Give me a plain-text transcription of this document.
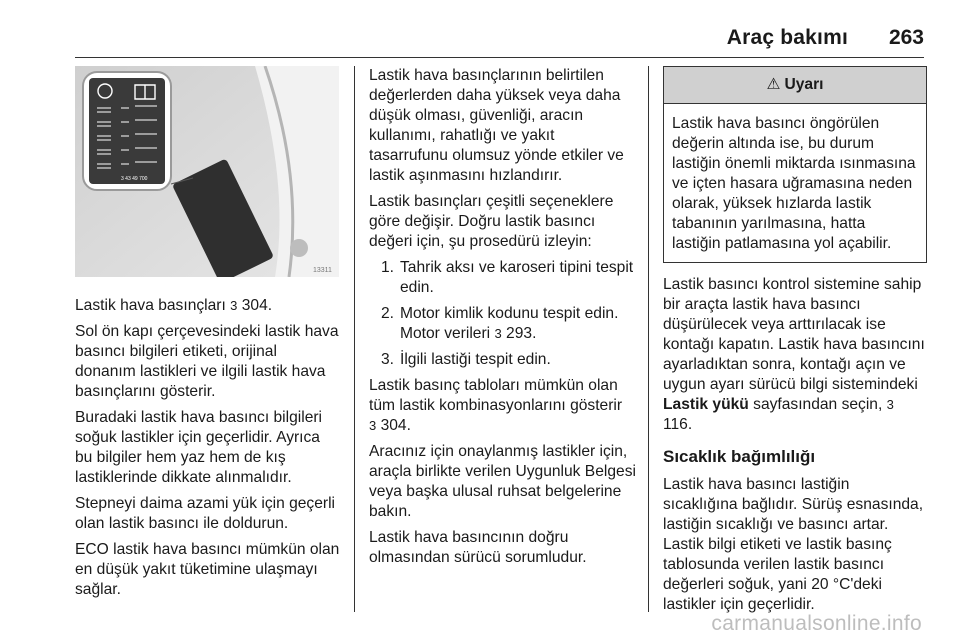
Araç bakımı 263
3 43 49 700
13311

Lastik hava basınçları 3 304.

Sol ön kapı çerçevesindeki lastik hava basıncı bilgileri etiketi, orijinal donanım lastikleri ve ilgili lastik hava basınçlarını gösterir.

Buradaki lastik hava basıncı bilgileri soğuk lastikler için geçerlidir. Ayrıca bu bilgiler hem yaz hem de kış lastiklerinde dikkate alınmalıdır.

Stepneyi daima azami yük için geçerli olan lastik basıncı ile doldurun.

ECO lastik hava basıncı mümkün olan en düşük yakıt tüketimine ulaşmayı sağlar.

Lastik hava basınçlarının belirtilen değerlerden daha yüksek veya daha düşük olması, güvenliği, aracın kullanımı, rahatlığı ve yakıt tasarrufunu olumsuz yönde etkiler ve lastik aşınmasını hızlandırır.

Lastik basınçları çeşitli seçeneklere göre değişir. Doğru lastik basıncı değeri için, şu prosedürü izleyin:

1. Tahrik aksı ve karoseri tipini tespit edin.
2. Motor kimlik kodunu tespit edin. Motor verileri 3 293.
3. İlgili lastiği tespit edin.

Lastik basınç tabloları mümkün olan tüm lastik kombinasyonlarını gösterir
3 304.

Aracınız için onaylanmış lastikler için, araçla birlikte verilen Uygunluk Belgesi veya başka ulusal ruhsat belgelerine bakın.

Lastik hava basıncının doğru olmasından sürücü sorumludur.

⚠ Uyarı
Lastik hava basıncı öngörülen değerin altında ise, bu durum lastiğin önemli miktarda ısınmasına ve içten hasara uğramasına neden olarak, yüksek hızlarda lastik tabanının yarılmasına, hatta lastiğin patlamasına yol açabilir.

Lastik basıncı kontrol sistemine sahip bir araçta lastik hava basıncı düşürülecek veya arttırılacak ise kontağı kapatın. Lastik hava basıncını ayarladıktan sonra, kontağı açın ve uygun ayarı sürücü bilgi sistemindeki Lastik yükü sayfasından seçin, 3 116.

Sıcaklık bağımlılığı

Lastik hava basıncı lastiğin sıcaklığına bağlıdır. Sürüş esnasında, lastiğin sıcaklığı ve basıncı artar. Lastik bilgi etiketi ve lastik basınç tablosunda verilen lastik basıncı değerleri soğuk, yani 20 °C'deki lastikler için geçerlidir.

carmanualsonline.info
